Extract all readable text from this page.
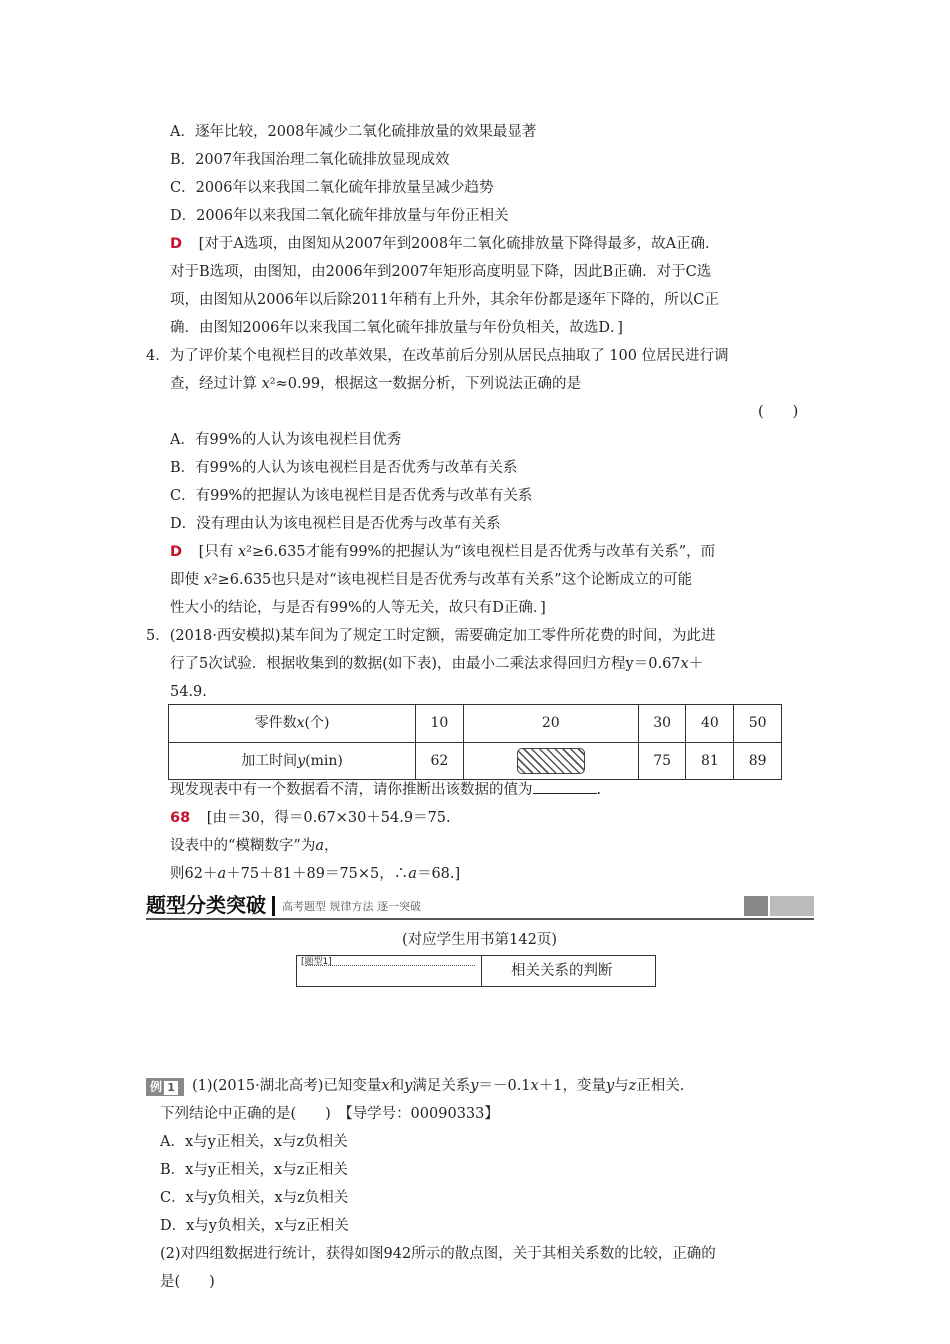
A．逐年比较，2008年减少二氧化硫排放量的效果最显著
B．2007年我国治理二氧化硫排放显现成效
C．2006年以来我国二氧化硫年排放量呈减少趋势
D．2006年以来我国二氧化硫年排放量与年份正相关
D [对于A选项，由图知从2007年到2008年二氧化硫排放量下降得最多，故A正确．
对于B选项，由图知，由2006年到2007年矩形高度明显下降，因此B正确．对于C选
项，由图知从2006年以后除2011年稍有上升外，其余年份都是逐年下降的，所以C正
确．由图知2006年以来我国二氧化硫年排放量与年份负相关，故选D．]
4．为了评价某个电视栏目的改革效果，在改革前后分别从居民点抽取了 100 位居民进行调
查，经过计算 x²≈0.99，根据这一数据分析，下列说法正确的是
(　　)
A．有99%的人认为该电视栏目优秀
B．有99%的人认为该电视栏目是否优秀与改革有关系
C．有99%的把握认为该电视栏目是否优秀与改革有关系
D．没有理由认为该电视栏目是否优秀与改革有关系
D [只有 x²≥6.635才能有99%的把握认为“该电视栏目是否优秀与改革有关系”，而
即使 x²≥6.635也只是对“该电视栏目是否优秀与改革有关系”这个论断成立的可能
性大小的结论，与是否有99%的人等无关，故只有D正确．]
5．(2018·西安模拟)某车间为了规定工时定额，需要确定加工零件所花费的时间，为此进
行了5次试验．根据收集到的数据(如下表)，由最小二乘法求得回归方程y＝0.67x＋
54.9.
零件数x(个)	10	20	30	40	50
加工时间y(min)	62		75	81	89
现发现表中有一个数据看不清，请你推断出该数据的值为	.
68 [由＝30，得＝0.67×30＋54.9＝75.
设表中的“模糊数字”为a，
则62＋a＋75＋81＋89＝75×5，∴a＝68.]
题型分类突破 高考题型 规律方法 逐一突破
(对应学生用书第142页)
[题型1]
相关关系的判断
例 1	(1)(2015·湖北高考)已知变量x和y满足关系y＝－0.1x＋1，变量y与z正相关.
下列结论中正确的是(　　)　【导学号：00090333】
A．x与y正相关，x与z负相关
B．x与y正相关，x与z正相关
C．x与y负相关，x与z负相关
D．x与y负相关，x与z正相关
(2)对四组数据进行统计，获得如图942所示的散点图，关于其相关系数的比较，正确的
是(　　)
